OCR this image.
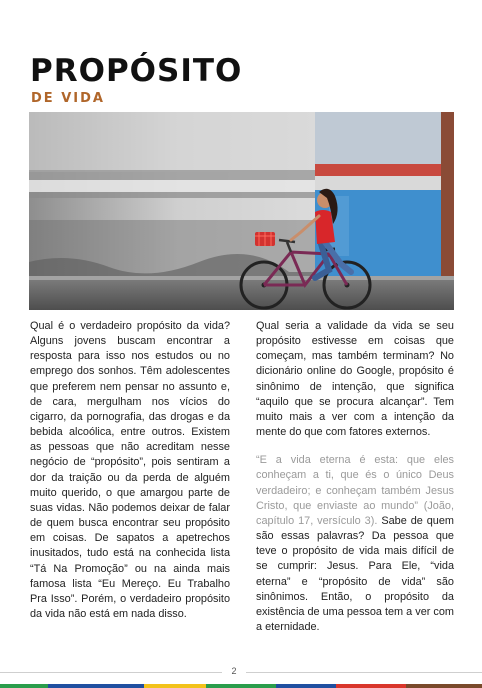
PROPÓSITO
DE VIDA

Qual é o verdadeiro propósito da vida? Alguns jovens buscam encontrar a resposta para isso nos estudos ou no emprego dos sonhos. Têm adolescentes que preferem nem pensar no assunto e, de cara, mergulham nos vícios do cigarro, da pornografia, das drogas e da bebida alcoólica, entre outros. Existem as pessoas que não acreditam nesse negócio de “propósito”, pois sentiram a dor da traição ou da perda de alguém muito querido, o que amargou parte de suas vidas. Não podemos deixar de falar de quem busca encontrar seu propósito em coisas. De sapatos a apetrechos inusitados, tudo está na conhecida lista “Tá Na Promoção” ou na ainda mais famosa lista “Eu Mereço. Eu Trabalho Pra Isso”. Porém, o verdadeiro propósito da vida não está em nada disso.

Qual seria a validade da vida se seu propósito estivesse em coisas que começam, mas também terminam? No dicionário online do Google, propósito é sinônimo de intenção, que significa “aquilo que se procura alcançar”. Tem muito mais a ver com a intenção da mente do que com fatores externos.

“E a vida eterna é esta: que eles conheçam a ti, que és o único Deus verdadeiro; e conheçam também Jesus Cristo, que enviaste ao mundo” (João, capítulo 17, versículo 3). Sabe de quem são essas palavras? Da pessoa que teve o propósito de vida mais difícil de se cumprir: Jesus. Para Ele, “vida eterna” e “propósito de vida” são sinônimos. Então, o propósito da existência de uma pessoa tem a ver com a eternidade.

2
